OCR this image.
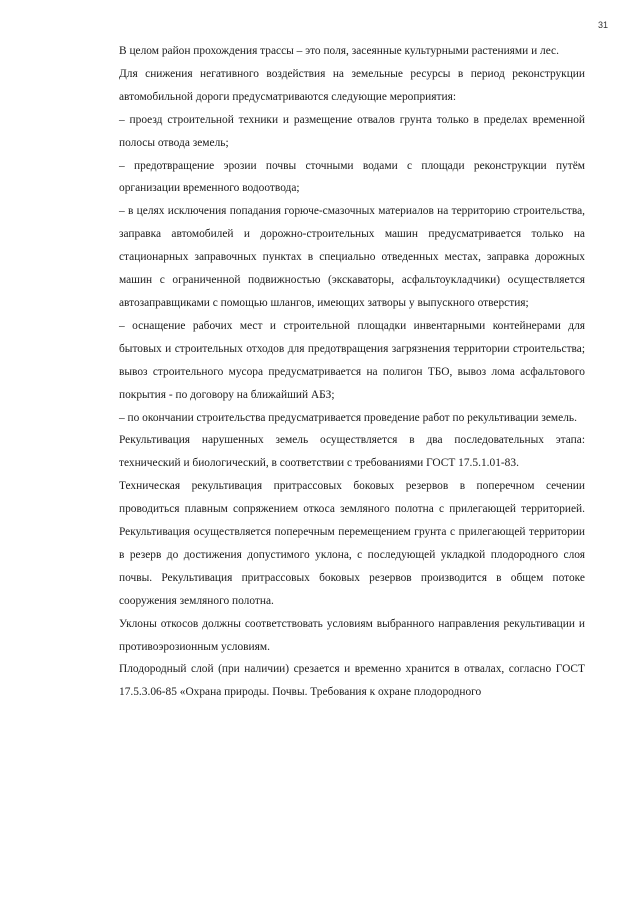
31

В целом район прохождения трассы – это поля, засеянные культурными растениями и лес.

Для снижения негативного воздействия на земельные ресурсы в период реконструкции автомобильной дороги предусматриваются следующие мероприятия:

– проезд строительной техники и размещение отвалов грунта только в пределах временной полосы отвода земель;

– предотвращение эрозии почвы сточными водами с площади реконструкции путём организации временного водоотвода;

– в целях исключения попадания горюче-смазочных материалов на территорию строительства, заправка автомобилей и дорожно-строительных машин предусматривается только на стационарных заправочных пунктах в специально отведенных местах, заправка дорожных машин с ограниченной подвижностью (экскаваторы, асфальтоукладчики) осуществляется автозаправщиками с помощью шлангов, имеющих затворы у выпускного отверстия;

– оснащение рабочих мест и строительной площадки инвентарными контейнерами для бытовых и строительных отходов для предотвращения загрязнения территории строительства; вывоз строительного мусора предусматривается на полигон ТБО, вывоз лома асфальтового покрытия - по договору на ближайший АБЗ;

– по окончании строительства предусматривается проведение работ по рекультивации земель.

Рекультивация нарушенных земель осуществляется в два последовательных этапа: технический и биологический, в соответствии с требованиями ГОСТ 17.5.1.01-83.

Техническая рекультивация притрассовых боковых резервов в поперечном сечении проводиться плавным сопряжением откоса земляного полотна с прилегающей территорией. Рекультивация осуществляется поперечным перемещением грунта с прилегающей территории в резерв до достижения допустимого уклона, с последующей укладкой плодородного слоя почвы. Рекультивация притрассовых боковых резервов производится в общем потоке сооружения земляного полотна.

Уклоны откосов должны соответствовать условиям выбранного направления рекультивации и противоэрозионным условиям.

Плодородный слой (при наличии) срезается и временно хранится в отвалах, согласно ГОСТ 17.5.3.06-85 «Охрана природы. Почвы. Требования к охране плодородного
